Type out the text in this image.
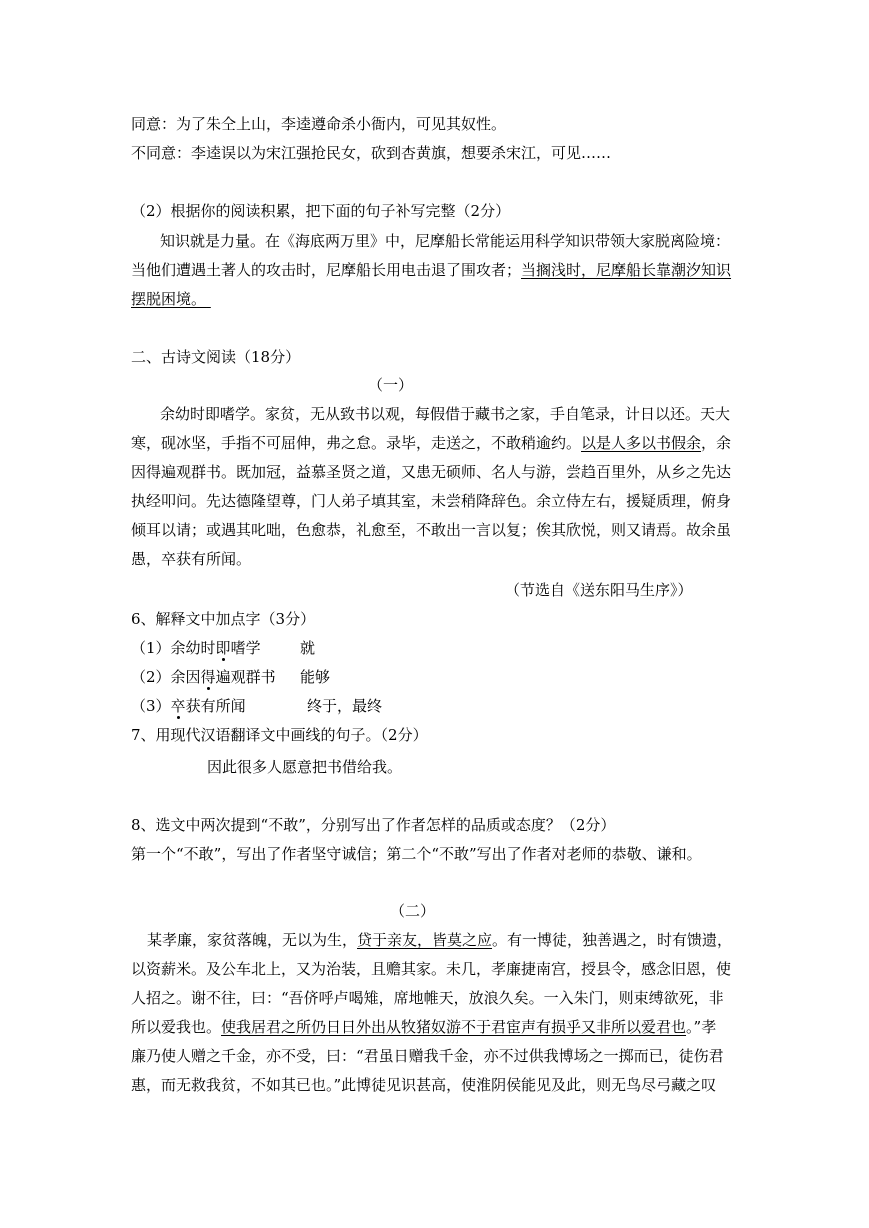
同意：为了朱仝上山，李逵遵命杀小衙内，可见其奴性。
不同意：李逵误以为宋江强抢民女，砍到杏黄旗，想要杀宋江，可见……
（2）根据你的阅读积累，把下面的句子补写完整（2分）
知识就是力量。在《海底两万里》中，尼摩船长常能运用科学知识带领大家脱离险境：
当他们遭遇土著人的攻击时，尼摩船长用电击退了围攻者；当搁浅时，尼摩船长靠潮汐知识
摆脱困境。
二、古诗文阅读（18分）
（一）
余幼时即嗜学。家贫，无从致书以观，每假借于藏书之家，手自笔录，计日以还。天大
寒，砚冰坚，手指不可屈伸，弗之怠。录毕，走送之，不敢稍逾约。以是人多以书假余，余
因得遍观群书。既加冠，益慕圣贤之道，又患无硕师、名人与游，尝趋百里外，从乡之先达
执经叩问。先达德隆望尊，门人弟子填其室，未尝稍降辞色。余立侍左右，援疑质理，俯身
倾耳以请；或遇其叱咄，色愈恭，礼愈至，不敢出一言以复；俟其欣悦，则又请焉。故余虽
愚，卒获有所闻。
（节选自《送东阳马生序》）
6、解释文中加点字（3分）
（1）余幼时即嗜学	就
（2）余因得遍观群书 能够
（3）卒获有所闻	终于，最终
7、用现代汉语翻译文中画线的句子。（2分）
因此很多人愿意把书借给我。
8、选文中两次提到“不敢”，分别写出了作者怎样的品质或态度？（2分）
第一个“不敢”，写出了作者坚守诚信；第二个“不敢”写出了作者对老师的恭敬、谦和。
（二）
某孝廉，家贫落魄，无以为生，贷于亲友，皆莫之应。有一博徒，独善遇之，时有馈遗，
以资薪米。及公车北上，又为治装，且赡其家。未几，孝廉捷南宫，授县令，感念旧恩，使
人招之。谢不往，曰：“吾侪呼卢喝雉，席地帷天，放浪久矣。一入朱门，则束缚欲死，非
所以爱我也。使我居君之所仍日日外出从牧猪奴游不于君宦声有损乎又非所以爱君也。”孝
廉乃使人赠之千金，亦不受，曰：“君虽日赠我千金，亦不过供我博场之一掷而已，徒伤君
惠，而无救我贫，不如其已也。”此博徒见识甚高，使淮阴侯能见及此，则无鸟尽弓藏之叹
